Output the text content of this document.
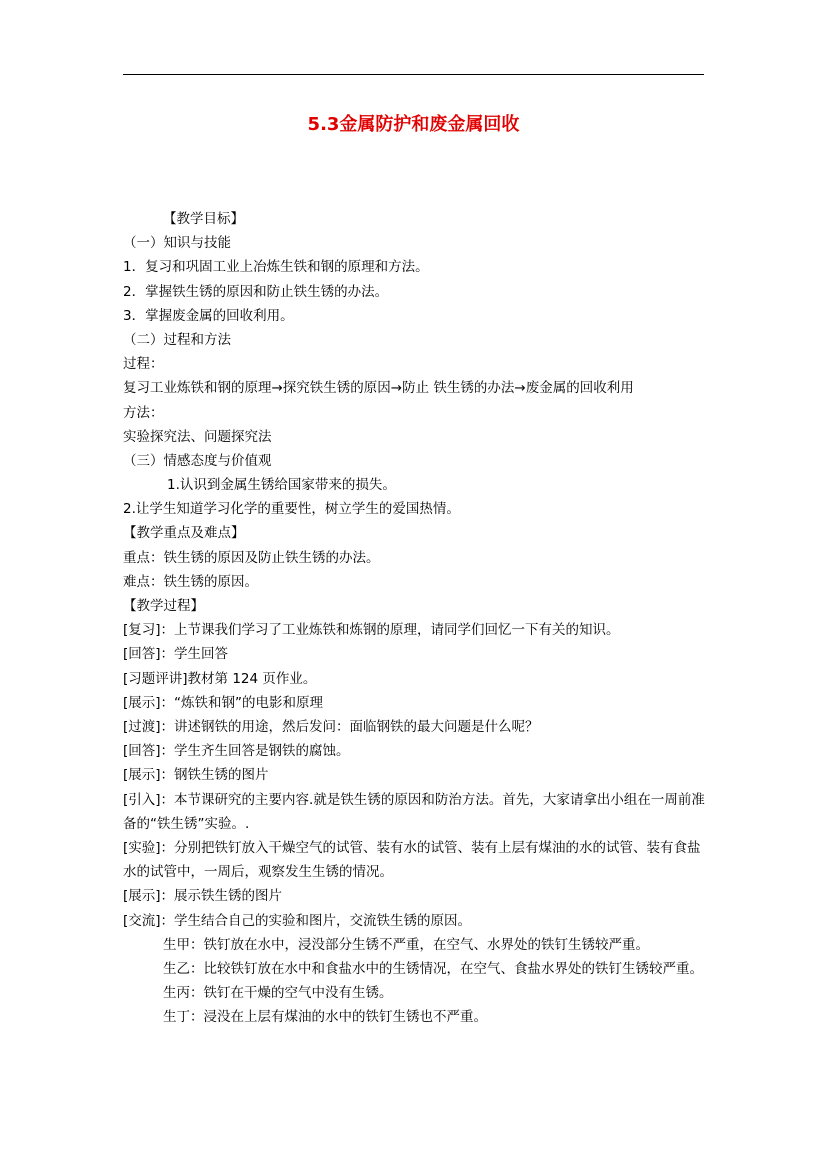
5.3金属防护和废金属回收
【教学目标】
（一）知识与技能
1．复习和巩固工业上冶炼生铁和钢的原理和方法。
2．掌握铁生锈的原因和防止铁生锈的办法。
3．掌握废金属的回收利用。
（二）过程和方法
过程：
复习工业炼铁和钢的原理→探究铁生锈的原因→防止 铁生锈的办法→废金属的回收利用
方法：
实验探究法、问题探究法
（三）情感态度与价值观
1.认识到金属生锈给国家带来的损失。
2.让学生知道学习化学的重要性，树立学生的爱国热情。
【教学重点及难点】
重点：铁生锈的原因及防止铁生锈的办法。
难点：铁生锈的原因。
【教学过程】
[复习]：上节课我们学习了工业炼铁和炼钢的原理，请同学们回忆一下有关的知识。
[回答]：学生回答
[习题评讲]教材第 124 页作业。
[展示]：“炼铁和钢”的电影和原理
[过渡]：讲述钢铁的用途，然后发问：面临钢铁的最大问题是什么呢？
[回答]：学生齐生回答是钢铁的腐蚀。
[展示]：钢铁生锈的图片
[引入]：本节课研究的主要内容.就是铁生锈的原因和防治方法。首先，大家请拿出小组在一周前准备的“铁生锈”实验。.
[实验]：分别把铁钉放入干燥空气的试管、装有水的试管、装有上层有煤油的水的试管、装有食盐水的试管中，一周后，观察发生生锈的情况。
[展示]：展示铁生锈的图片
[交流]：学生结合自己的实验和图片，交流铁生锈的原因。
生甲：铁钉放在水中，浸没部分生锈不严重，在空气、水界处的铁钉生锈较严重。
生乙：比较铁钉放在水中和食盐水中的生锈情况，在空气、食盐水界处的铁钉生锈较严重。
生丙：铁钉在干燥的空气中没有生锈。
生丁：浸没在上层有煤油的水中的铁钉生锈也不严重。
